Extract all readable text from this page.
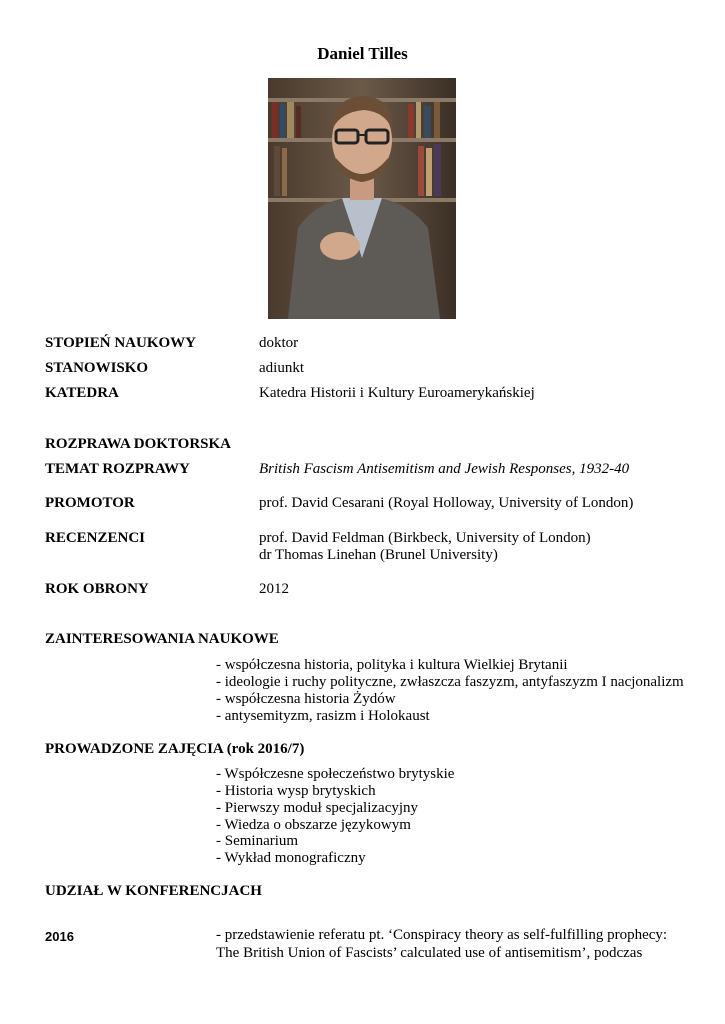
Daniel Tilles
STOPIEŃ NAUKOWY	doktor
STANOWISKO	adiunkt
KATEDRA	Katedra Historii i Kultury Euroamerykańskiej
ROZPRAWA DOKTORSKA
TEMAT ROZPRAWY	British Fascism Antisemitism and Jewish Responses, 1932-40
PROMOTOR	prof. David Cesarani (Royal Holloway, University of London)
RECENZENCI	prof. David Feldman (Birkbeck, University of London)
dr Thomas Linehan (Brunel University)
ROK OBRONY	2012
ZAINTERESOWANIA NAUKOWE
- współczesna historia, polityka i kultura Wielkiej Brytanii
- ideologie i ruchy polityczne, zwłaszcza faszyzm, antyfaszyzm I nacjonalizm
- współczesna historia Żydów
- antysemityzm, rasizm i Holokaust
PROWADZONE ZAJĘCIA (rok 2016/7)
- Współczesne społeczeństwo brytyskie
- Historia wysp brytyskich
- Pierwszy moduł specjalizacyjny
- Wiedza o obszarze językowym
- Seminarium
- Wykład monograficzny
UDZIAŁ W KONFERENCJACH
2016	- przedstawienie referatu pt. ‘Conspiracy theory as self-fulfilling prophecy:
The British Union of Fascists’ calculated use of antisemitism’, podczas
